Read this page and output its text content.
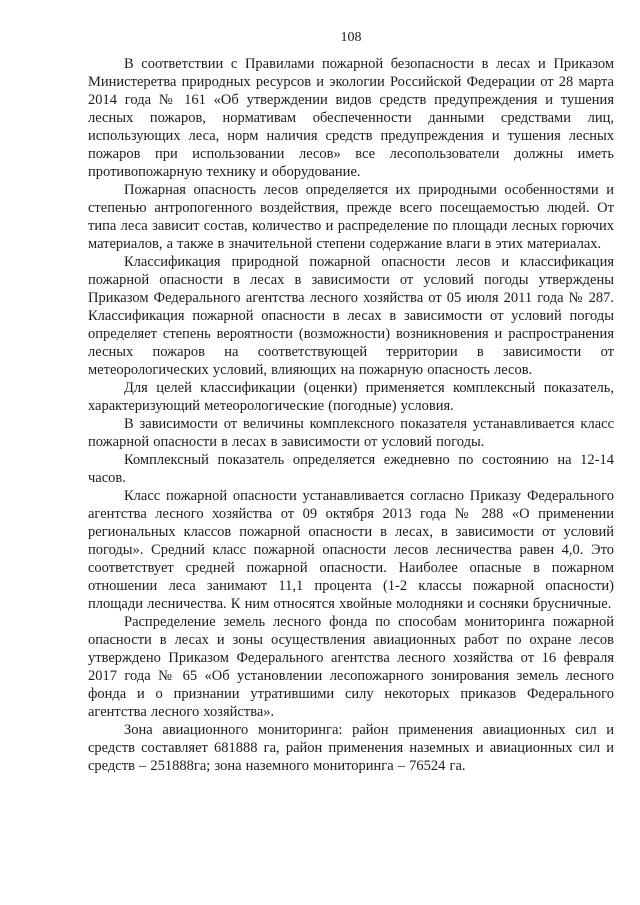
108

В соответствии с Правилами пожарной безопасности в лесах и Приказом Министеретва природных ресурсов и экологии Российской Федерации от 28 марта 2014 года № 161 «Об утверждении видов средств предупреждения и тушения лесных пожаров, нормативам обеспеченности данными средствами лиц, использующих леса, норм наличия средств предупреждения и тушения лесных пожаров при использовании лесов» все лесопользователи должны иметь противопожарную технику и оборудование.

Пожарная опасность лесов определяется их природными особенностями и степенью антропогенного воздействия, прежде всего посещаемостью людей. От типа леса зависит состав, количество и распределение по площади лесных горючих материалов, а также в значительной степени содержание влаги в этих материалах.

Классификация природной пожарной опасности лесов и классификация пожарной опасности в лесах в зависимости от условий погоды утверждены Приказом Федерального агентства лесного хозяйства от 05 июля 2011 года № 287. Классификация пожарной опасности в лесах в зависимости от условий погоды определяет степень вероятности (возможности) возникновения и распространения лесных пожаров на соответствующей территории в зависимости от метеорологических условий, влияющих на пожарную опасность лесов.

Для целей классификации (оценки) применяется комплексный показатель, характеризующий метеорологические (погодные) условия.

В зависимости от величины комплексного показателя устанавливается класс пожарной опасности в лесах в зависимости от условий погоды.

Комплексный показатель определяется ежедневно по состоянию на 12-14 часов.

Класс пожарной опасности устанавливается согласно Приказу Федерального агентства лесного хозяйства от 09 октября 2013 года № 288 «О применении региональных классов пожарной опасности в лесах, в зависимости от условий погоды». Средний класс пожарной опасности лесов лесничества равен 4,0. Это соответствует средней пожарной опасности. Наиболее опасные в пожарном отношении леса занимают 11,1 процента (1-2 классы пожарной опасности) площади лесничества. К ним относятся хвойные молодняки и сосняки брусничные.

Распределение земель лесного фонда по способам мониторинга пожарной опасности в лесах и зоны осуществления авиационных работ по охране лесов утверждено Приказом Федерального агентства лесного хозяйства от 16 февраля 2017 года № 65 «Об установлении лесопожарного зонирования земель лесного фонда и о признании утратившими силу некоторых приказов Федерального агентства лесного хозяйства».

Зона авиационного мониторинга: район применения авиационных сил и средств составляет 681888 га, район применения наземных и авиационных сил и средств – 251888га; зона наземного мониторинга – 76524 га.
